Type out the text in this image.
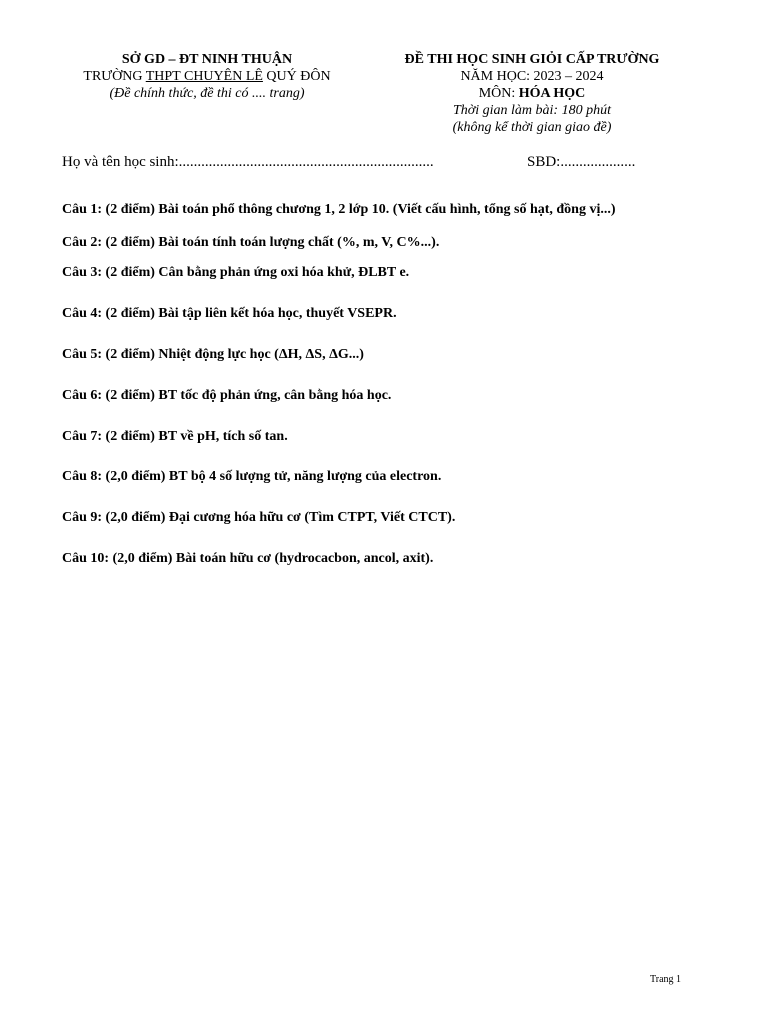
SỞ GD – ĐT NINH THUẬN
TRƯỜNG THPT CHUYÊN LÊ QUÝ ĐÔN
(Đề chính thức, đề thi có .... trang)
ĐỀ THI HỌC SINH GIỎI CẤP TRƯỜNG
NĂM HỌC: 2023 – 2024
MÔN: HÓA HỌC
Thời gian làm bài: 180 phút
(không kể thời gian giao đề)
Họ và tên học sinh:....................................................................	SBD:....................
Câu 1: (2 điểm) Bài toán phổ thông chương 1, 2 lớp 10. (Viết cấu hình, tổng số hạt, đồng vị...)
Câu 2: (2 điểm) Bài toán tính toán lượng chất (%, m, V, C%...).
Câu 3: (2 điểm) Cân bằng phản ứng oxi hóa khử, ĐLBT e.
Câu 4: (2 điểm) Bài tập liên kết hóa học, thuyết VSEPR.
Câu 5: (2 điểm) Nhiệt động lực học (ΔH, ΔS, ΔG...)
Câu 6: (2 điểm) BT tốc độ phản ứng, cân bằng hóa học.
Câu 7: (2 điểm) BT về pH, tích số tan.
Câu 8: (2,0 điểm) BT bộ 4 số lượng tử, năng lượng của electron.
Câu 9: (2,0 điểm) Đại cương hóa hữu cơ (Tìm CTPT, Viết CTCT).
Câu 10: (2,0 điểm) Bài toán hữu cơ (hydrocacbon, ancol, axit).
Trang 1
